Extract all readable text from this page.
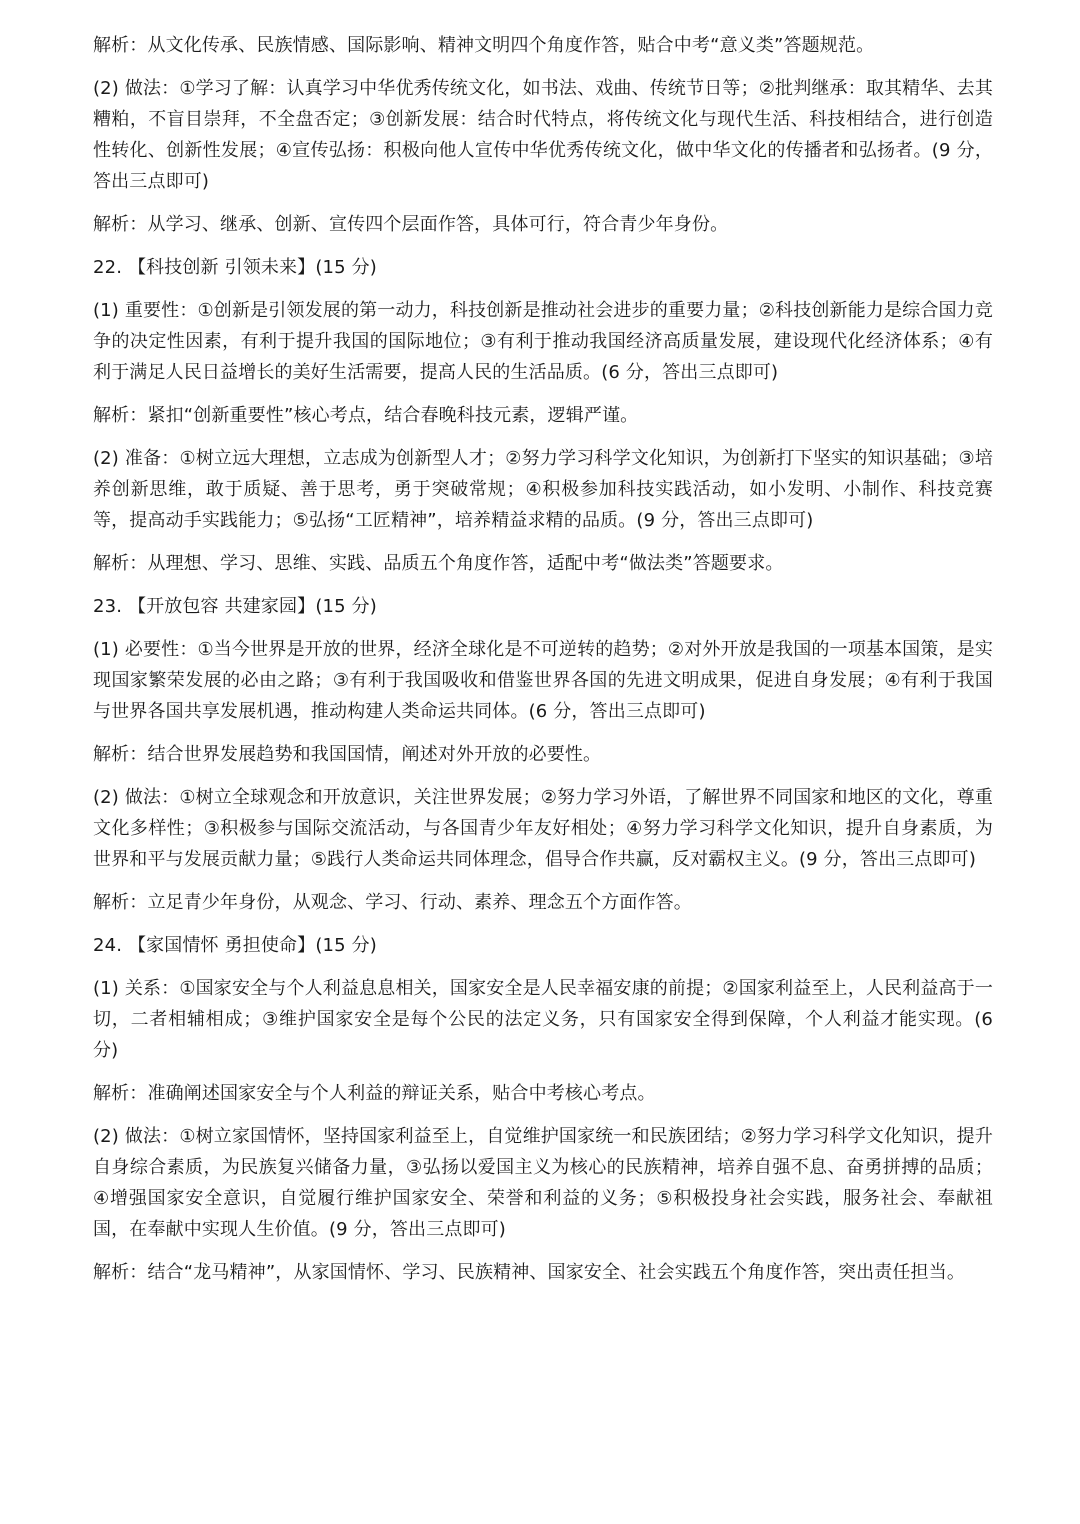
解析：从文化传承、民族情感、国际影响、精神文明四个角度作答，贴合中考“意义类”答题规范。

(2) 做法：①学习了解：认真学习中华优秀传统文化，如书法、戏曲、传统节日等；②批判继承：取其精华、去其糟粕，不盲目崇拜，不全盘否定；③创新发展：结合时代特点，将传统文化与现代生活、科技相结合，进行创造性转化、创新性发展；④宣传弘扬：积极向他人宣传中华优秀传统文化，做中华文化的传播者和弘扬者。(9 分，答出三点即可)

解析：从学习、继承、创新、宣传四个层面作答，具体可行，符合青少年身份。

22. 【科技创新 引领未来】(15 分)

(1) 重要性：①创新是引领发展的第一动力，科技创新是推动社会进步的重要力量；②科技创新能力是综合国力竞争的决定性因素，有利于提升我国的国际地位；③有利于推动我国经济高质量发展，建设现代化经济体系；④有利于满足人民日益增长的美好生活需要，提高人民的生活品质。(6 分，答出三点即可)

解析：紧扣“创新重要性”核心考点，结合春晚科技元素，逻辑严谨。

(2) 准备：①树立远大理想，立志成为创新型人才；②努力学习科学文化知识，为创新打下坚实的知识基础；③培养创新思维，敢于质疑、善于思考，勇于突破常规；④积极参加科技实践活动，如小发明、小制作、科技竞赛等，提高动手实践能力；⑤弘扬“工匠精神”，培养精益求精的品质。(9 分，答出三点即可)

解析：从理想、学习、思维、实践、品质五个角度作答，适配中考“做法类”答题要求。

23. 【开放包容 共建家园】(15 分)

(1) 必要性：①当今世界是开放的世界，经济全球化是不可逆转的趋势；②对外开放是我国的一项基本国策，是实现国家繁荣发展的必由之路；③有利于我国吸收和借鉴世界各国的先进文明成果，促进自身发展；④有利于我国与世界各国共享发展机遇，推动构建人类命运共同体。(6 分，答出三点即可)

解析：结合世界发展趋势和我国国情，阐述对外开放的必要性。

(2) 做法：①树立全球观念和开放意识，关注世界发展；②努力学习外语，了解世界不同国家和地区的文化，尊重文化多样性；③积极参与国际交流活动，与各国青少年友好相处；④努力学习科学文化知识，提升自身素质，为世界和平与发展贡献力量；⑤践行人类命运共同体理念，倡导合作共赢，反对霸权主义。(9 分，答出三点即可)

解析：立足青少年身份，从观念、学习、行动、素养、理念五个方面作答。

24. 【家国情怀 勇担使命】(15 分)

(1) 关系：①国家安全与个人利益息息相关，国家安全是人民幸福安康的前提；②国家利益至上，人民利益高于一切，二者相辅相成；③维护国家安全是每个公民的法定义务，只有国家安全得到保障，个人利益才能实现。(6 分)

解析：准确阐述国家安全与个人利益的辩证关系，贴合中考核心考点。

(2) 做法：①树立家国情怀，坚持国家利益至上，自觉维护国家统一和民族团结；②努力学习科学文化知识，提升自身综合素质，为民族复兴储备力量，③弘扬以爱国主义为核心的民族精神，培养自强不息、奋勇拼搏的品质；④增强国家安全意识，自觉履行维护国家安全、荣誉和利益的义务；⑤积极投身社会实践，服务社会、奉献祖国，在奉献中实现人生价值。(9 分，答出三点即可)

解析：结合“龙马精神”，从家国情怀、学习、民族精神、国家安全、社会实践五个角度作答，突出责任担当。
